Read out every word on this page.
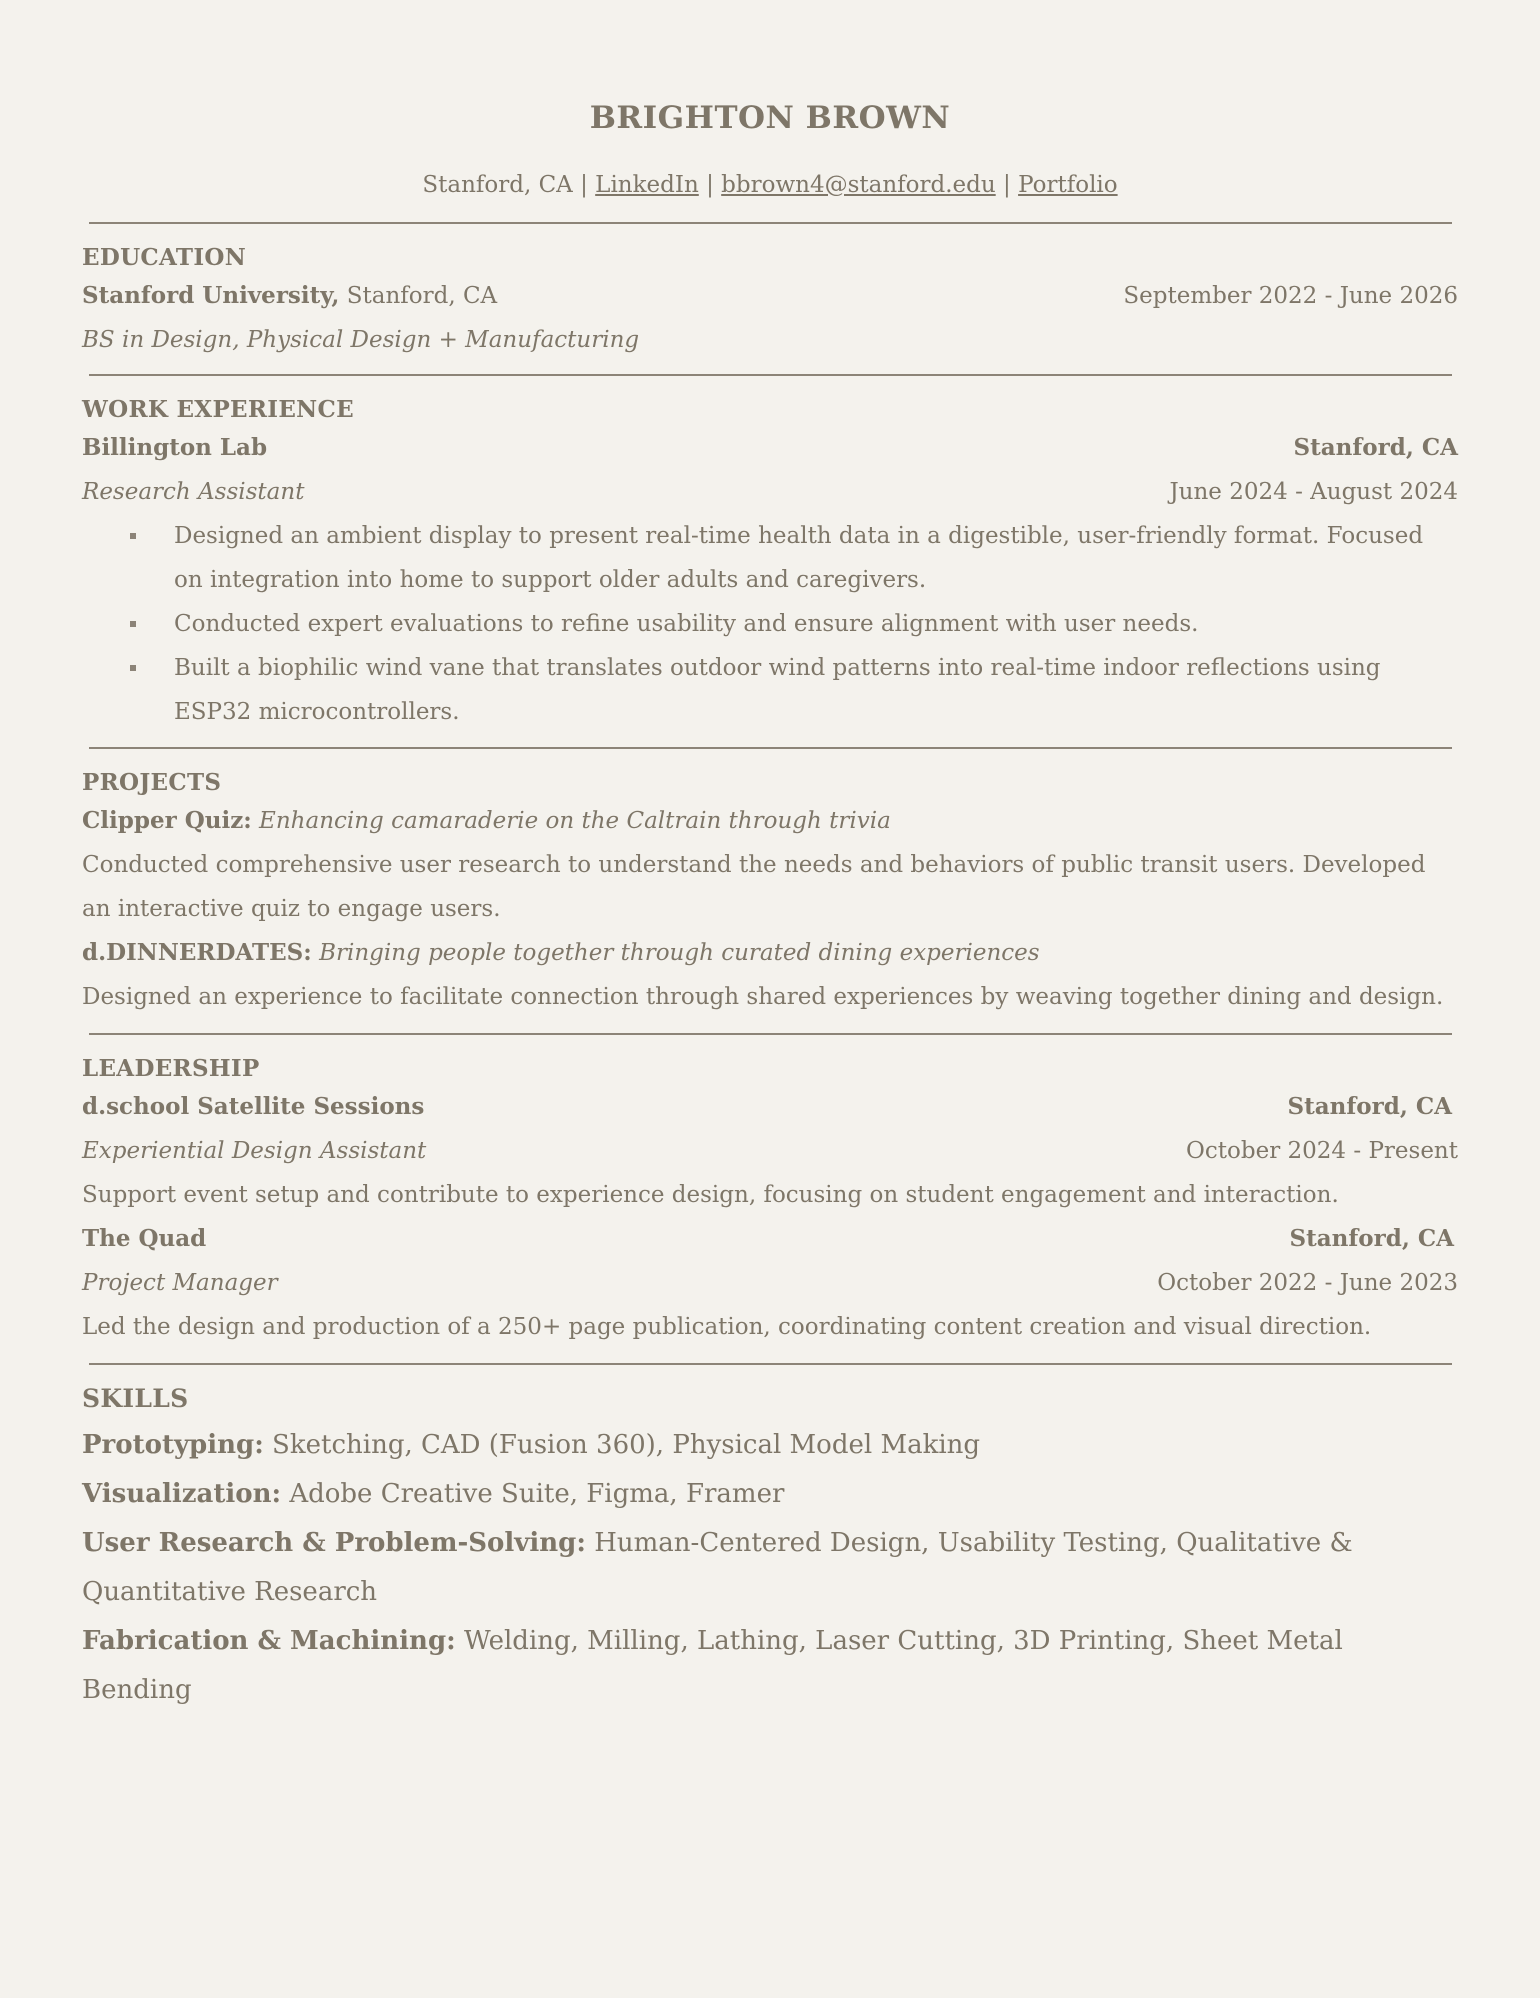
BRIGHTON BROWN
Stanford, CA | LinkedIn | bbrown4@stanford.edu | Portfolio
EDUCATION
Stanford University, Stanford, CA	September 2022 - June 2026
BS in Design, Physical Design + Manufacturing
WORK EXPERIENCE
Billington Lab	Stanford, CA
Research Assistant	June 2024 - August 2024
Designed an ambient display to present real-time health data in a digestible, user-friendly format. Focused on integration into home to support older adults and caregivers.
Conducted expert evaluations to refine usability and ensure alignment with user needs.
Built a biophilic wind vane that translates outdoor wind patterns into real-time indoor reflections using ESP32 microcontrollers.
PROJECTS
Clipper Quiz: Enhancing camaraderie on the Caltrain through trivia

Conducted comprehensive user research to understand the needs and behaviors of public transit users. Developed an interactive quiz to engage users.

d.DINNERDATES: Bringing people together through curated dining experiences

Designed an experience to facilitate connection through shared experiences by weaving together dining and design.

LEADERSHIP
d.school Satellite Sessions	Stanford, CA
Experiential Design Assistant	October 2024 - Present

Support event setup and contribute to experience design, focusing on student engagement and interaction.

The Quad	Stanford, CA
Project Manager	October 2022 - June 2023

Led the design and production of a 250+ page publication, coordinating content creation and visual direction.

SKILLS

Prototyping: Sketching, CAD (Fusion 360), Physical Model Making

Visualization: Adobe Creative Suite, Figma, Framer

User Research & Problem-Solving: Human-Centered Design, Usability Testing, Qualitative & Quantitative Research

Fabrication & Machining: Welding, Milling, Lathing, Laser Cutting, 3D Printing, Sheet Metal Bending
